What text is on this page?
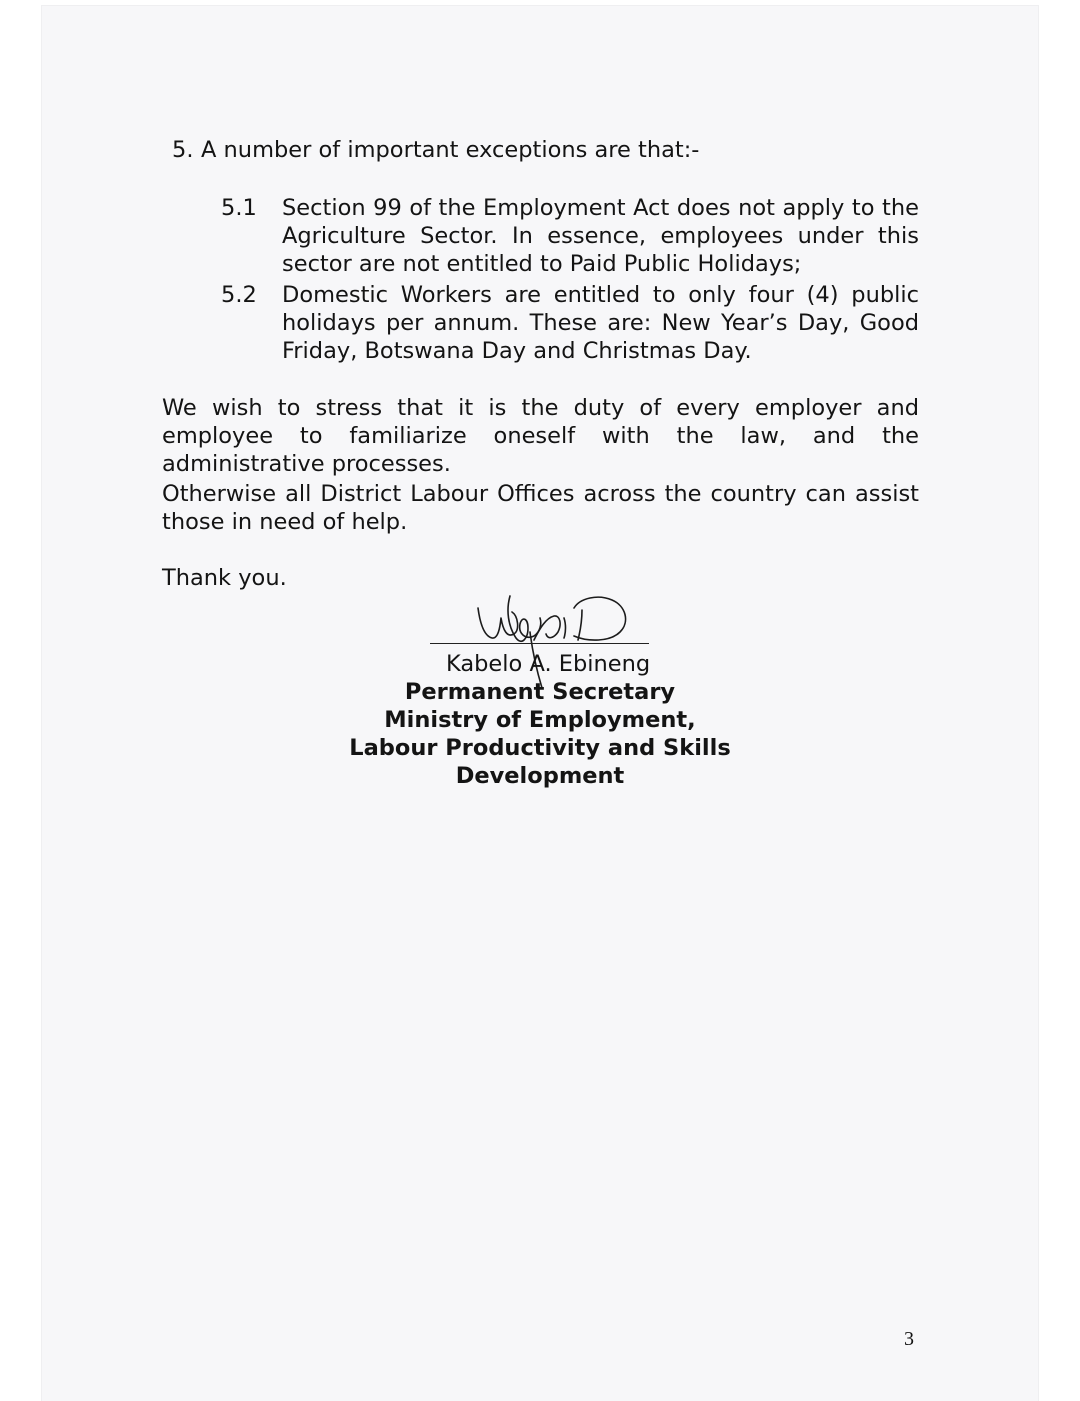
5. A number of important exceptions are that:-
5.1 Section 99 of the Employment Act does not apply to the Agriculture Sector. In essence, employees under this sector are not entitled to Paid Public Holidays;

5.2 Domestic Workers are entitled to only four (4) public holidays per annum. These are: New Year’s Day, Good Friday, Botswana Day and Christmas Day.

We wish to stress that it is the duty of every employer and employee to familiarize oneself with the law, and the administrative processes.

Otherwise all District Labour Offices across the country can assist those in need of help.

Thank you.

Kabelo A. Ebineng
Permanent Secretary
Ministry of Employment,
Labour Productivity and Skills Development
3
